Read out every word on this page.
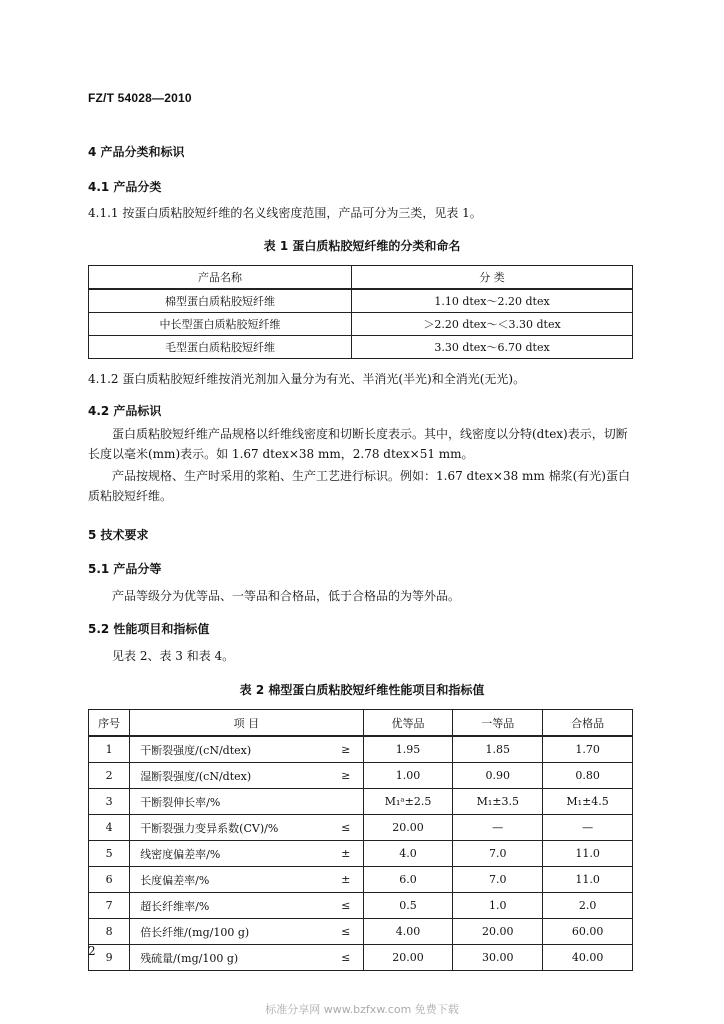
FZ/T 54028—2010
4 产品分类和标识
4.1 产品分类
4.1.1 按蛋白质粘胶短纤维的名义线密度范围，产品可分为三类，见表 1。
表 1 蛋白质粘胶短纤维的分类和命名
产品名称	分 类
棉型蛋白质粘胶短纤维	1.10 dtex～2.20 dtex
中长型蛋白质粘胶短纤维	＞2.20 dtex～＜3.30 dtex
毛型蛋白质粘胶短纤维	3.30 dtex～6.70 dtex
4.1.2 蛋白质粘胶短纤维按消光剂加入量分为有光、半消光(半光)和全消光(无光)。
4.2 产品标识
蛋白质粘胶短纤维产品规格以纤维线密度和切断长度表示。其中，线密度以分特(dtex)表示，切断长度以毫米(mm)表示。如 1.67 dtex×38 mm，2.78 dtex×51 mm。
产品按规格、生产时采用的浆粕、生产工艺进行标识。例如：1.67 dtex×38 mm 棉浆(有光)蛋白质粘胶短纤维。
5 技术要求
5.1 产品分等
产品等级分为优等品、一等品和合格品，低于合格品的为等外品。
5.2 性能项目和指标值
见表 2、表 3 和表 4。
表 2 棉型蛋白质粘胶短纤维性能项目和指标值
序号	项 目		优等品	一等品	合格品
1	干断裂强度/(cN/dtex)	≥	1.95	1.85	1.70
2	湿断裂强度/(cN/dtex)	≥	1.00	0.90	0.80
3	干断裂伸长率/%		M₁ᵃ±2.5	M₁±3.5	M₁±4.5
4	干断裂强力变异系数(CV)/%	≤	20.00	—	—
5	线密度偏差率/%	±	4.0	7.0	11.0
6	长度偏差率/%	±	6.0	7.0	11.0
7	超长纤维率/%	≤	0.5	1.0	2.0
8	倍长纤维/(mg/100 g)	≤	4.00	20.00	60.00
9	残硫量/(mg/100 g)	≤	20.00	30.00	40.00
2
标准分享网 www.bzfxw.com 免费下载
